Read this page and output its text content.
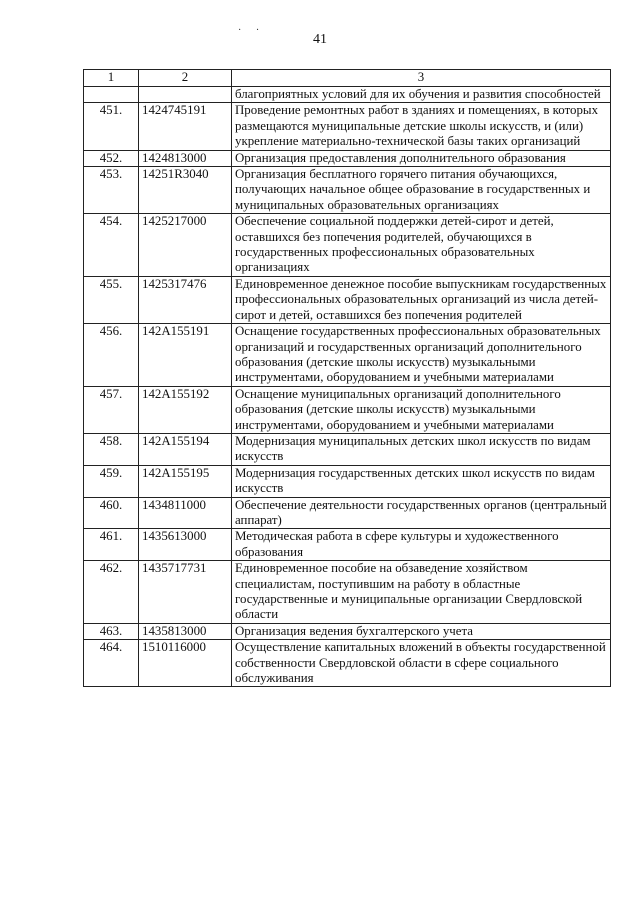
· ·
41
1	2	3
		благоприятных условий для их обучения и развития способностей
451.	1424745191	Проведение ремонтных работ в зданиях и помещениях, в которых размещаются муниципальные детские школы искусств, и (или) укрепление материально-технической базы таких организаций
452.	1424813000	Организация предоставления дополнительного образования
453.	14251R3040	Организация бесплатного горячего питания обучающихся, получающих начальное общее образование в государственных и муниципальных образовательных организациях
454.	1425217000	Обеспечение социальной поддержки детей-сирот и детей, оставшихся без попечения родителей, обучающихся в государственных профессиональных образовательных организациях
455.	1425317476	Единовременное денежное пособие выпускникам государственных профессиональных образовательных организаций из числа детей-сирот и детей, оставшихся без попечения родителей
456.	142A155191	Оснащение государственных профессиональных образовательных организаций и государственных организаций дополнительного образования (детские школы искусств) музыкальными инструментами, оборудованием и учебными материалами
457.	142A155192	Оснащение муниципальных организаций дополнительного образования (детские школы искусств) музыкальными инструментами, оборудованием и учебными материалами
458.	142A155194	Модернизация муниципальных детских школ искусств по видам искусств
459.	142A155195	Модернизация государственных детских школ искусств по видам искусств
460.	1434811000	Обеспечение деятельности государственных органов (центральный аппарат)
461.	1435613000	Методическая работа в сфере культуры и художественного образования
462.	1435717731	Единовременное пособие на обзаведение хозяйством специалистам, поступившим на работу в областные государственные и муниципальные организации Свердловской области
463.	1435813000	Организация ведения бухгалтерского учета
464.	1510116000	Осуществление капитальных вложений в объекты государственной собственности Свердловской области в сфере социального обслуживания
